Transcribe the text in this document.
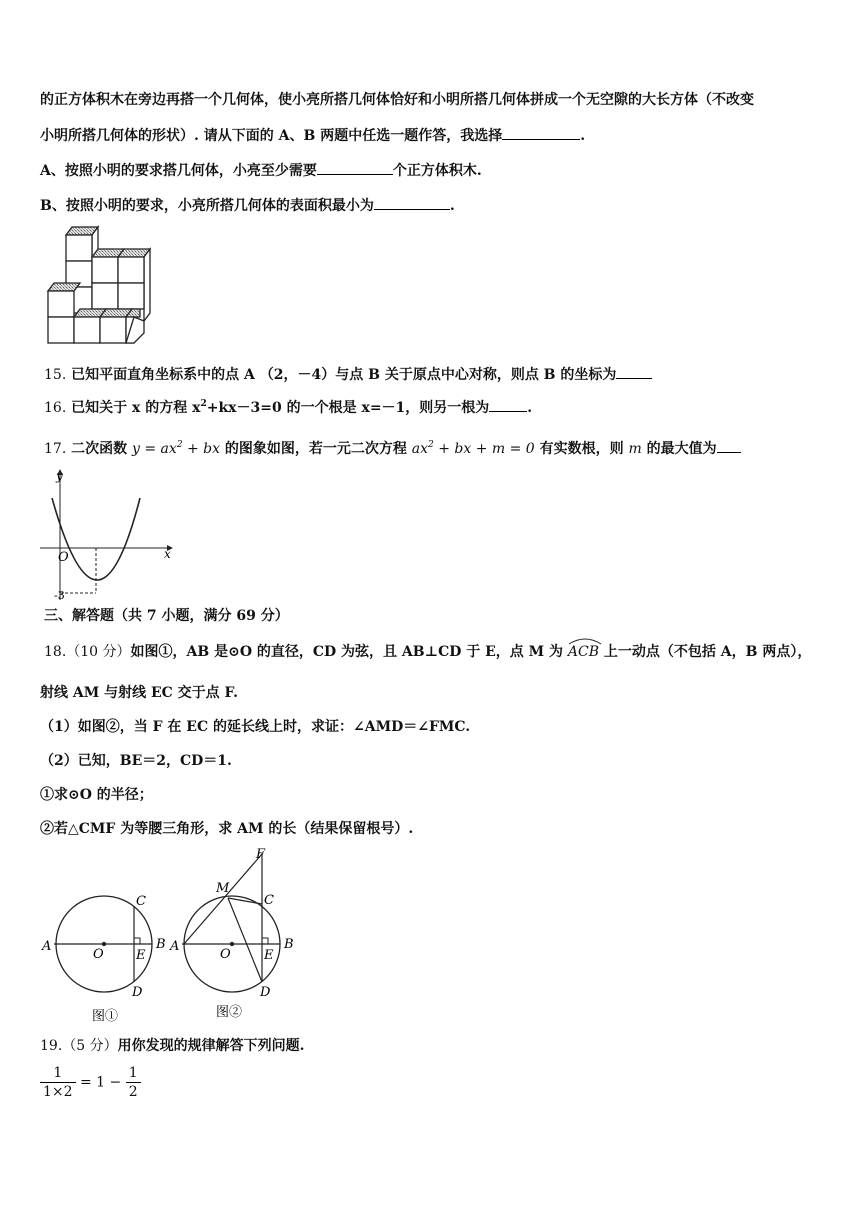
的正方体积木在旁边再搭一个几何体，使小亮所搭几何体恰好和小明所搭几何体拼成一个无空隙的大长方体（不改变
小明所搭几何体的形状）. 请从下面的 A、B 两题中任选一题作答，我选择	.
A、按照小明的要求搭几何体，小亮至少需要	个正方体积木.
B、按照小明的要求，小亮所搭几何体的表面积最小为	.
15. 已知平面直角坐标系中的点 A （2，－4）与点 B 关于原点中心对称，则点 B 的坐标为
16. 已知关于 x 的方程 $x^2+kx-3=0$ 的一个根是 x=－1，则另一根为	.
17. 二次函数 $y = ax^2$ + bx 的图象如图，若一元二次方程 $ax^2$ + bx + m = 0 有实数根，则 m 的最大值为
y
x
O
-3
三、解答题（共 7 小题，满分 69 分）
18.（10 分）如图①，AB 是⊙O 的直径，CD 为弦，且 AB⊥CD 于 E，点 M 为 ACB 上一动点（不包括 A，B 两点），
射线 AM 与射线 EC 交于点 F.
（1）如图②，当 F 在 EC 的延长线上时，求证：∠AMD＝∠FMC.
（2）已知，BE＝2，CD＝1.
①求⊙O 的半径；
②若△CMF 为等腰三角形，求 AM 的长（结果保留根号）.
A
O
B
C
E
D
图①
A
O
B
C
E
D
M
F
图②
19.（5 分）用你发现的规律解答下列问题.
$\frac{1}{1\times 2} = 1 - \frac{1}{2}$
